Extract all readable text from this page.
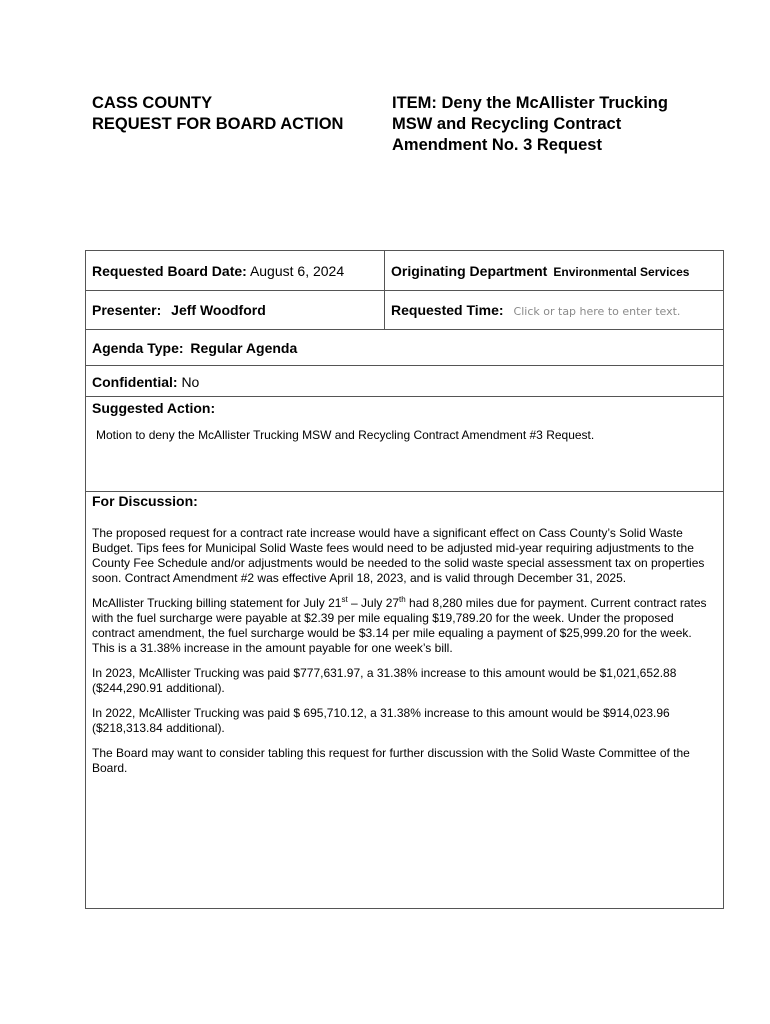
CASS COUNTY
REQUEST FOR BOARD ACTION
ITEM: Deny the McAllister Trucking
MSW and Recycling Contract
Amendment No. 3 Request
Requested Board Date: August 6, 2024	Originating Department Environmental Services
Presenter: Jeff Woodford	Requested Time: Click or tap here to enter text.
Agenda Type: Regular Agenda
Confidential: No
Suggested Action:
Motion to deny the McAllister Trucking MSW and Recycling Contract Amendment #3 Request.
For Discussion:

The proposed request for a contract rate increase would have a significant effect on Cass County’s Solid Waste Budget. Tips fees for Municipal Solid Waste fees would need to be adjusted mid-year requiring adjustments to the County Fee Schedule and/or adjustments would be needed to the solid waste special assessment tax on properties soon. Contract Amendment #2 was effective April 18, 2023, and is valid through December 31, 2025.

McAllister Trucking billing statement for July 21st – July 27th had 8,280 miles due for payment. Current contract rates with the fuel surcharge were payable at $2.39 per mile equaling $19,789.20 for the week. Under the proposed contract amendment, the fuel surcharge would be $3.14 per mile equaling a payment of $25,999.20 for the week. This is a 31.38% increase in the amount payable for one week’s bill.

In 2023, McAllister Trucking was paid $777,631.97, a 31.38% increase to this amount would be $1,021,652.88 ($244,290.91 additional).

In 2022, McAllister Trucking was paid $ 695,710.12, a 31.38% increase to this amount would be $914,023.96 ($218,313.84 additional).

The Board may want to consider tabling this request for further discussion with the Solid Waste Committee of the Board.
